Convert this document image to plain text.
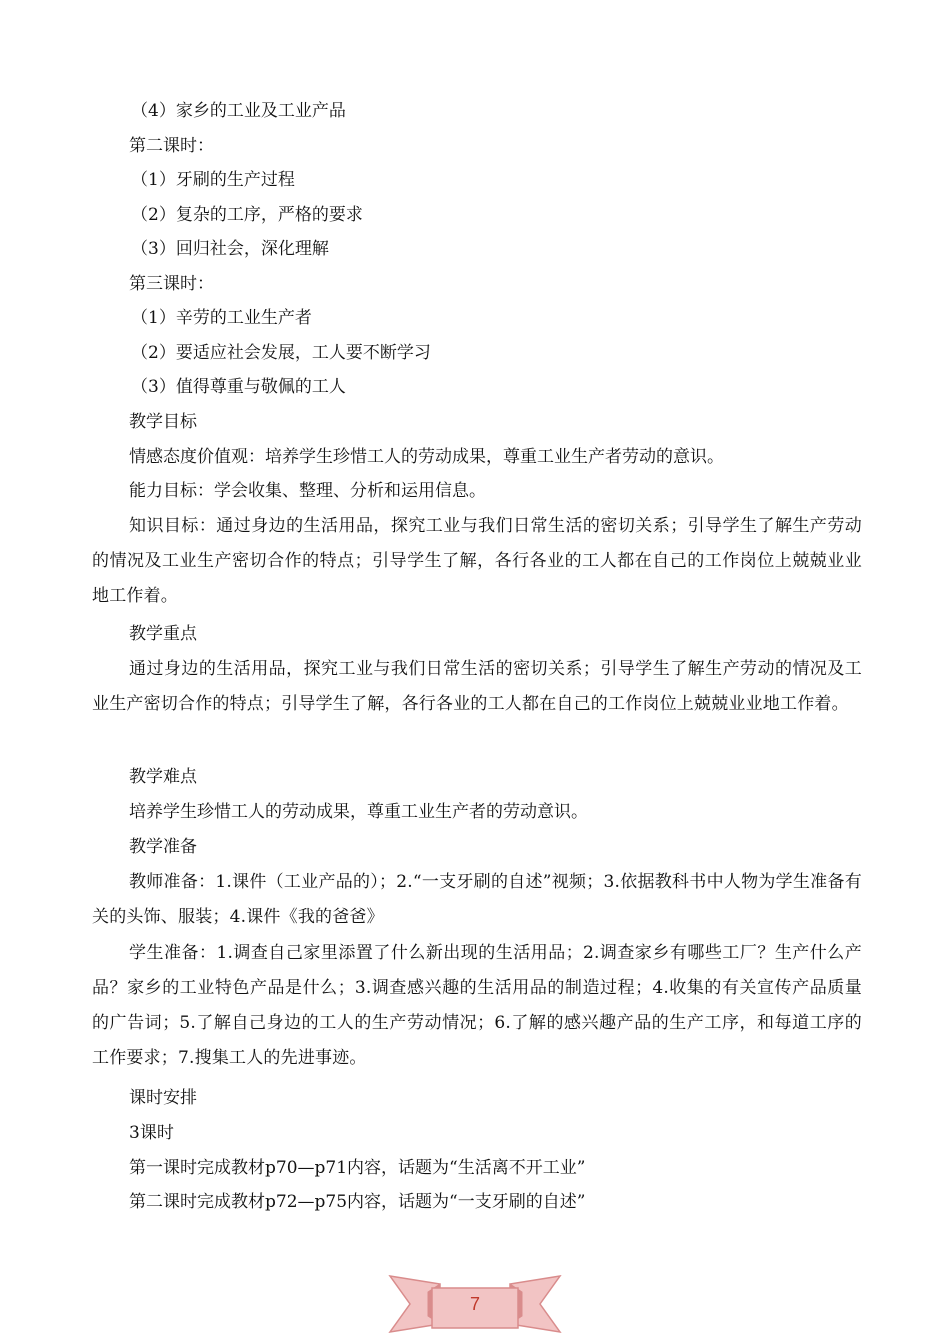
（4）家乡的工业及工业产品
第二课时：
（1）牙刷的生产过程
（2）复杂的工序，严格的要求
（3）回归社会，深化理解
第三课时：
（1）辛劳的工业生产者
（2）要适应社会发展，工人要不断学习
（3）值得尊重与敬佩的工人
教学目标
情感态度价值观：培养学生珍惜工人的劳动成果，尊重工业生产者劳动的意识。
能力目标：学会收集、整理、分析和运用信息。
知识目标：通过身边的生活用品，探究工业与我们日常生活的密切关系；引导学生了解生产劳动的情况及工业生产密切合作的特点；引导学生了解，各行各业的工人都在自己的工作岗位上兢兢业业地工作着。
教学重点
通过身边的生活用品，探究工业与我们日常生活的密切关系；引导学生了解生产劳动的情况及工业生产密切合作的特点；引导学生了解，各行各业的工人都在自己的工作岗位上兢兢业业地工作着。
教学难点
培养学生珍惜工人的劳动成果，尊重工业生产者的劳动意识。
教学准备
教师准备：1.课件（工业产品的）；2.“一支牙刷的自述”视频；3.依据教科书中人物为学生准备有关的头饰、服装；4.课件《我的爸爸》
学生准备：1.调查自己家里添置了什么新出现的生活用品；2.调查家乡有哪些工厂？生产什么产品？家乡的工业特色产品是什么；3.调查感兴趣的生活用品的制造过程；4.收集的有关宣传产品质量的广告词；5.了解自己身边的工人的生产劳动情况；6.了解的感兴趣产品的生产工序，和每道工序的工作要求；7.搜集工人的先进事迹。
课时安排
3课时
第一课时完成教材p70—p71内容，话题为“生活离不开工业”
第二课时完成教材p72—p75内容，话题为“一支牙刷的自述”
7
